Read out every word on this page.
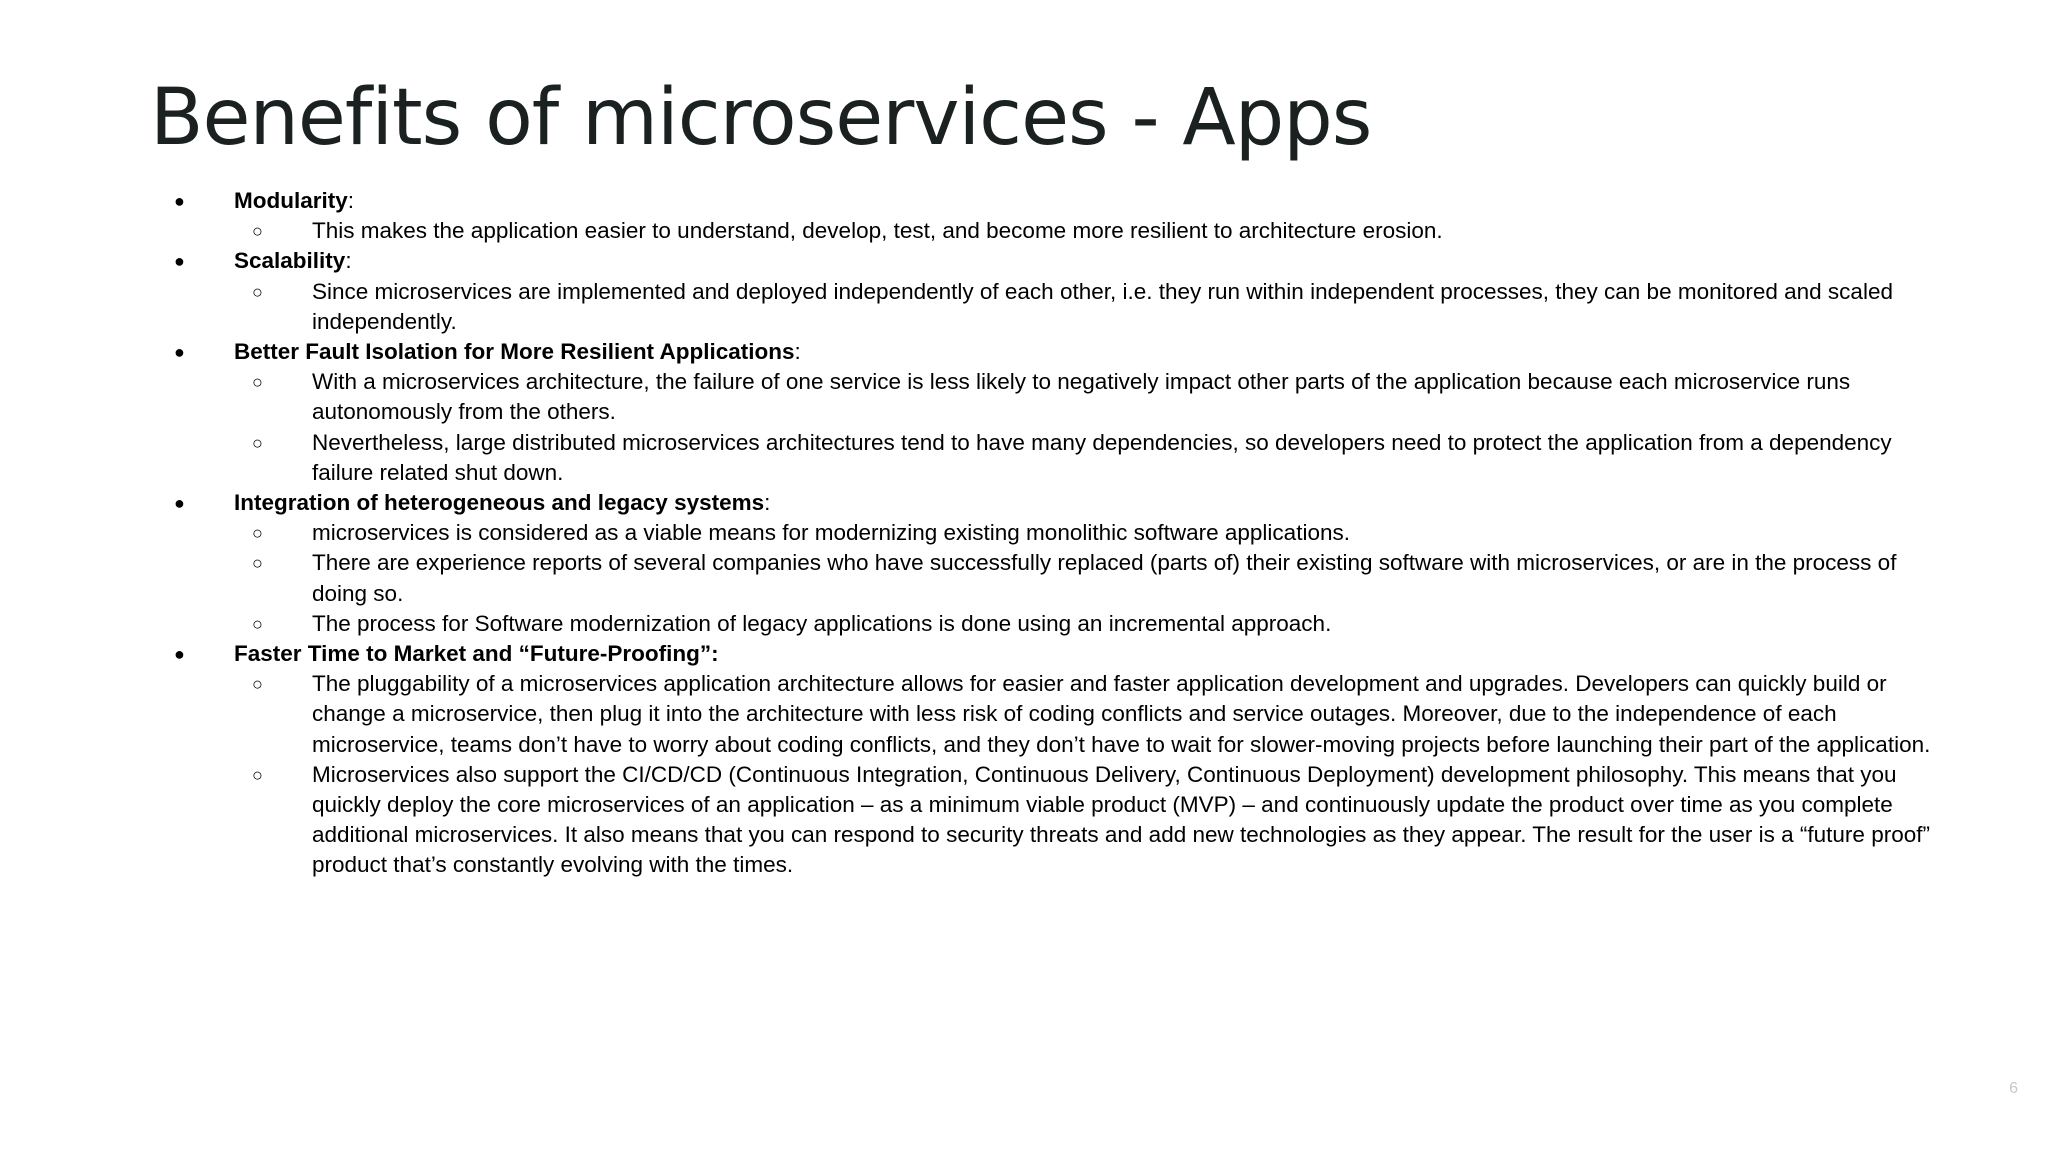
Benefits of microservices - Apps
● Modularity:
○ This makes the application easier to understand, develop, test, and become more resilient to architecture erosion.
● Scalability:
○ Since microservices are implemented and deployed independently of each other, i.e. they run within independent processes, they can be monitored and scaled independently.
● Better Fault Isolation for More Resilient Applications:
○ With a microservices architecture, the failure of one service is less likely to negatively impact other parts of the application because each microservice runs autonomously from the others.
○ Nevertheless, large distributed microservices architectures tend to have many dependencies, so developers need to protect the application from a dependency failure related shut down.
● Integration of heterogeneous and legacy systems:
○ microservices is considered as a viable means for modernizing existing monolithic software applications.
○ There are experience reports of several companies who have successfully replaced (parts of) their existing software with microservices, or are in the process of doing so.
○ The process for Software modernization of legacy applications is done using an incremental approach.
● Faster Time to Market and “Future-Proofing”:
○ The pluggability of a microservices application architecture allows for easier and faster application development and upgrades. Developers can quickly build or change a microservice, then plug it into the architecture with less risk of coding conflicts and service outages. Moreover, due to the independence of each microservice, teams don’t have to worry about coding conflicts, and they don’t have to wait for slower-moving projects before launching their part of the application.
○ Microservices also support the CI/CD/CD (Continuous Integration, Continuous Delivery, Continuous Deployment) development philosophy. This means that you quickly deploy the core microservices of an application – as a minimum viable product (MVP) – and continuously update the product over time as you complete additional microservices. It also means that you can respond to security threats and add new technologies as they appear. The result for the user is a “future proof” product that’s constantly evolving with the times.
6
